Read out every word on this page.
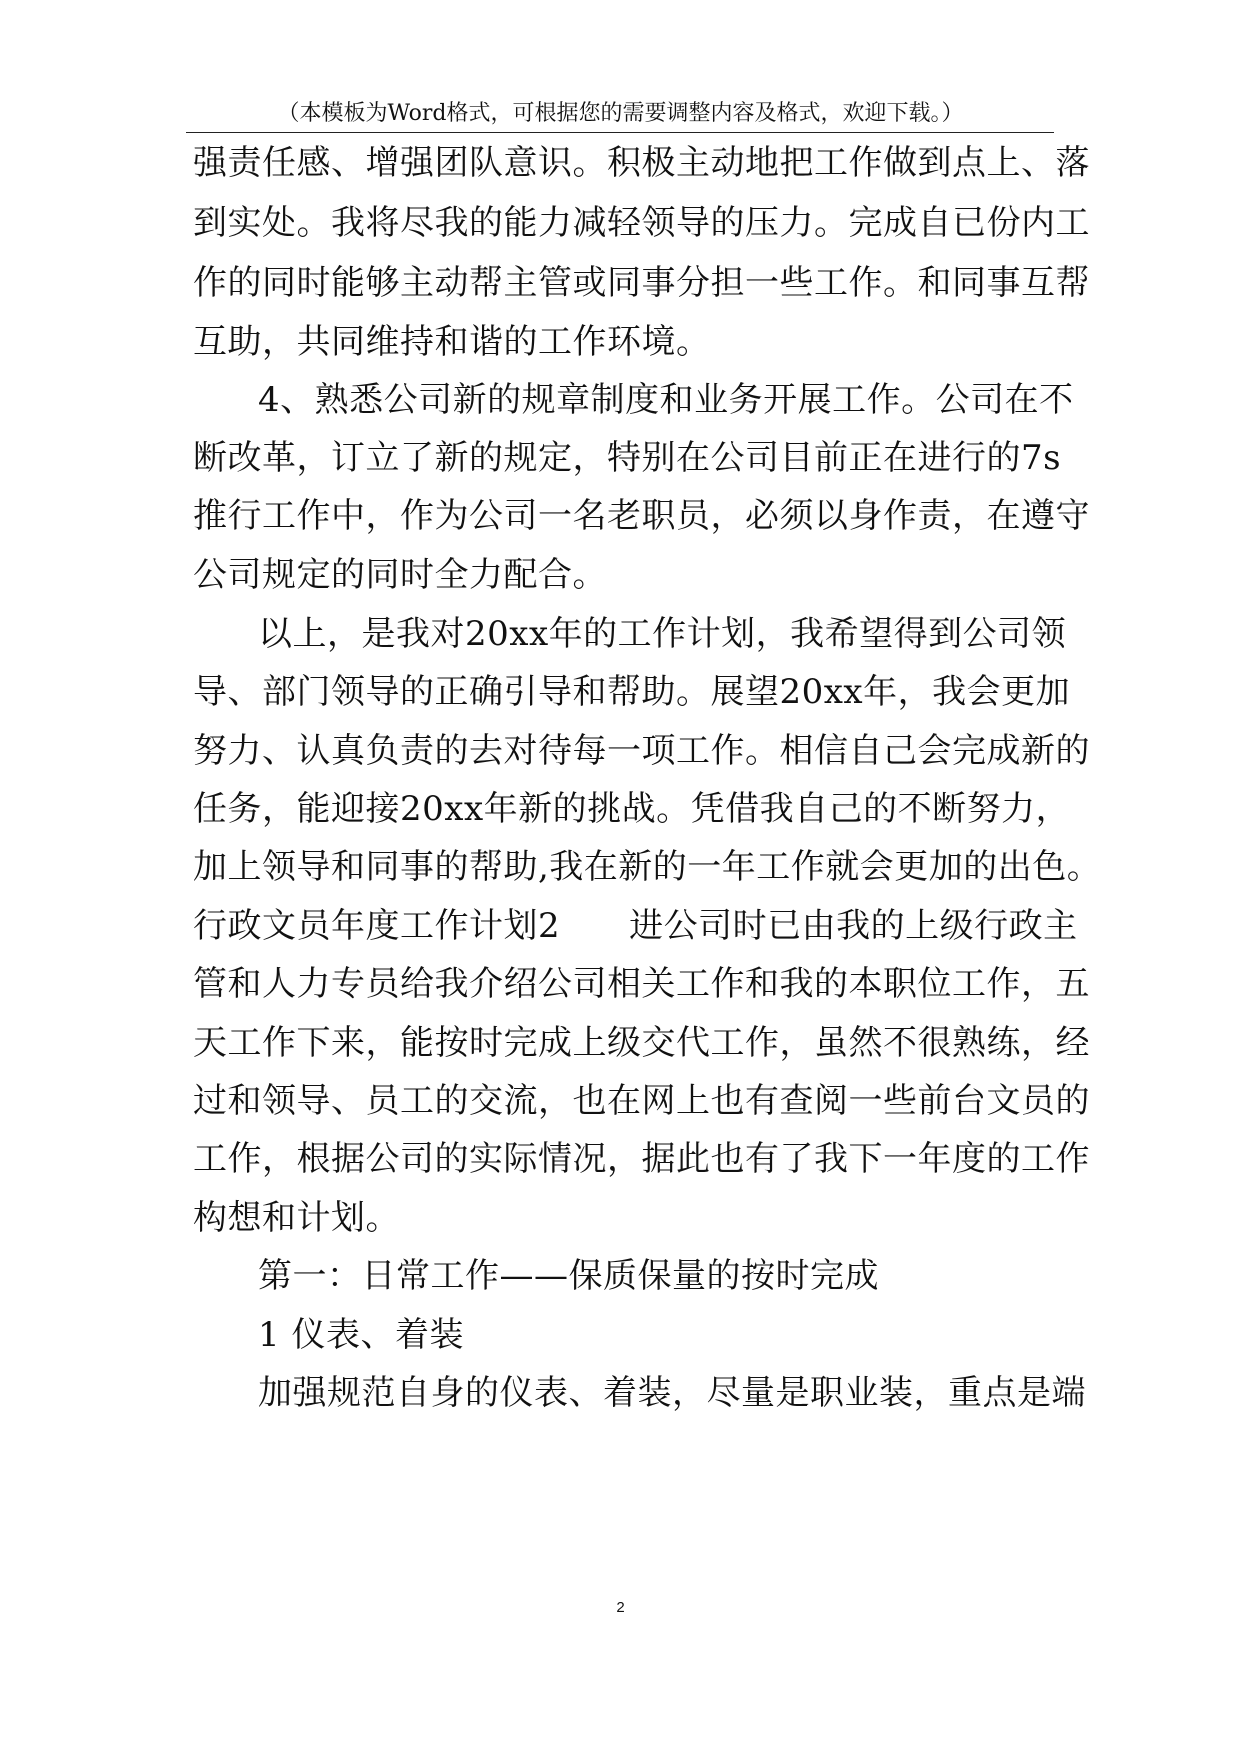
（本模板为Word格式，可根据您的需要调整内容及格式，欢迎下载。）
强责任感、增强团队意识。积极主动地把工作做到点上、落
到实处。我将尽我的能力减轻领导的压力。完成自已份内工
作的同时能够主动帮主管或同事分担一些工作。和同事互帮
互助，共同维持和谐的工作环境。
4、熟悉公司新的规章制度和业务开展工作。公司在不
断改革，订立了新的规定，特别在公司目前正在进行的7s
推行工作中，作为公司一名老职员，必须以身作责，在遵守
公司规定的同时全力配合。
以上，是我对20xx年的工作计划，我希望得到公司领
导、部门领导的正确引导和帮助。展望20xx年，我会更加
努力、认真负责的去对待每一项工作。相信自己会完成新的
任务，能迎接20xx年新的挑战。凭借我自己的不断努力，
加上领导和同事的帮助,我在新的一年工作就会更加的出色。
行政文员年度工作计划2　　进公司时已由我的上级行政主
管和人力专员给我介绍公司相关工作和我的本职位工作，五
天工作下来，能按时完成上级交代工作，虽然不很熟练，经
过和领导、员工的交流，也在网上也有查阅一些前台文员的
工作，根据公司的实际情况，据此也有了我下一年度的工作
构想和计划。
第一：日常工作——保质保量的按时完成
1 仪表、着装
加强规范自身的仪表、着装，尽量是职业装，重点是端
2
